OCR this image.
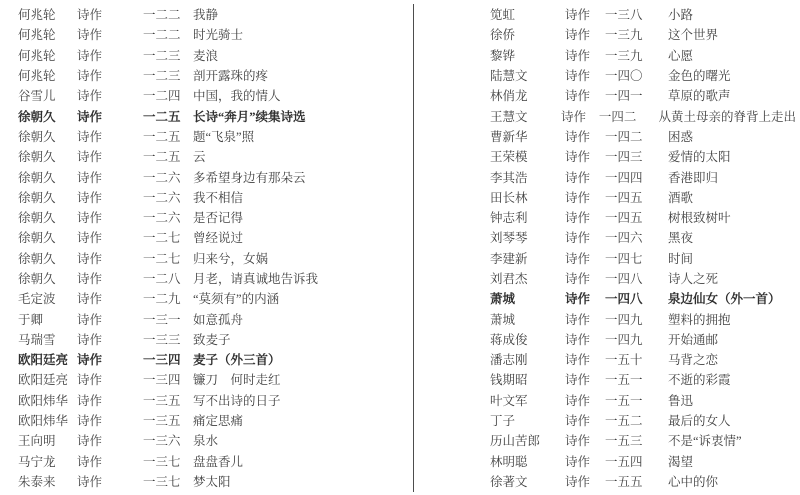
何兆轮	诗作	一二二 我静
何兆轮	诗作	一二二 时光骑士
何兆轮	诗作	一二三 麦浪
何兆轮	诗作	一二三 剖开露珠的疼
谷雪儿	诗作	一二四 中国，我的情人
徐朝久	诗作	一二五 长诗“奔月”续集诗选
徐朝久	诗作	一二五 题“飞泉”照
徐朝久	诗作	一二五 云
徐朝久	诗作	一二六 多希望身边有那朵云
徐朝久	诗作	一二六 我不相信
徐朝久	诗作	一二六 是否记得
徐朝久	诗作	一二七 曾经说过
徐朝久	诗作	一二七 归来兮，女娲
徐朝久	诗作	一二八 月老，请真诚地告诉我
毛定波	诗作	一二九 “莫须有”的内涵
于卿	诗作	一三一 如意孤舟
马瑞雪	诗作	一三三 致麦子
欧阳廷亮 诗作	一三四 麦子（外三首）
欧阳廷亮 诗作	一三四 镰刀　何时走红
欧阳炜华 诗作	一三五 写不出诗的日子
欧阳炜华 诗作	一三五 痛定思痛
王向明	诗作	一三六 泉水
马宁龙	诗作	一三七 盘盘香儿
朱泰来	诗作	一三七 梦太阳
笕虹	诗作	一三八	小路
徐侨	诗作	一三九	这个世界
黎铧	诗作	一三九	心愿
陆慧文	诗作	一四〇	金色的曙光
林俏龙	诗作	一四一	草原的歌声
王慧文	诗作	一四二	从黄土母亲的脊背上走出
曹新华	诗作	一四二	困惑
王荣模	诗作	一四三	爱情的太阳
李其浩	诗作	一四四	香港即归
田长林	诗作	一四五	酒歌
钟志利	诗作	一四五	树根致树叶
刘琴琴	诗作	一四六	黑夜
李建新	诗作	一四七	时间
刘君杰	诗作	一四八	诗人之死
萧城	诗作	一四八	泉边仙女（外一首）
萧城	诗作	一四九	塑料的拥抱
蒋成俊	诗作	一四九	开始通邮
潘志刚	诗作	一五十	马背之恋
钱期昭	诗作	一五一	不逝的彩霞
叶文军	诗作	一五一	鲁迅
丁子	诗作	一五二	最后的女人
历山苦郎	诗作	一五三	不是“诉衷情”
林明聪	诗作	一五四	渴望
徐著文	诗作	一五五	心中的你
